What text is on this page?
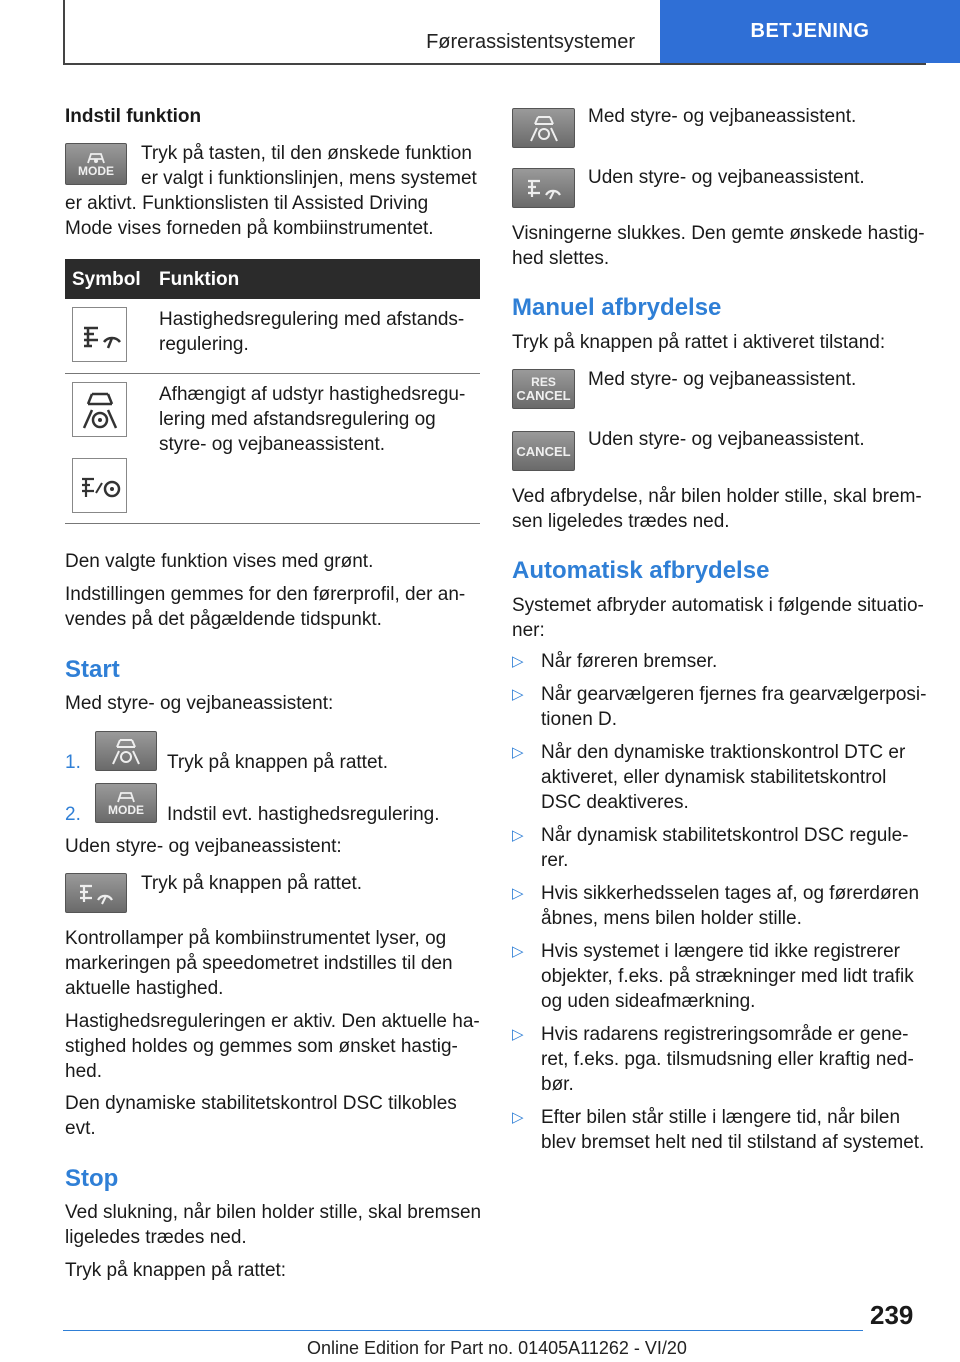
Førerassistentsystemer	BETJENING
Indstil funktion
MODE
Tryk på tasten, til den ønskede funktion
er valgt i funktionslinjen, mens systemet
er aktivt. Funktionslisten til Assisted Driving
Mode vises forneden på kombiinstrumentet.
Symbol Funktion
Hastighedsregulering med afstands-
regulering.
Afhængigt af udstyr hastighedsregu-
lering med afstandsregulering og
styre- og vejbaneassistent.
Den valgte funktion vises med grønt.
Indstillingen gemmes for den førerprofil, der an-
vendes på det pågældende tidspunkt.
Start
Med styre- og vejbaneassistent:
1.	Tryk på knappen på rattet.
2. MODE Indstil evt. hastighedsregulering.
Uden styre- og vejbaneassistent:
Tryk på knappen på rattet.
Kontrollamper på kombiinstrumentet lyser, og
markeringen på speedometret indstilles til den
aktuelle hastighed.
Hastighedsreguleringen er aktiv. Den aktuelle ha-
stighed holdes og gemmes som ønsket hastig-
hed.
Den dynamiske stabilitetskontrol DSC tilkobles
evt.
Stop
Ved slukning, når bilen holder stille, skal bremsen
ligeledes trædes ned.
Tryk på knappen på rattet:
Med styre- og vejbaneassistent.
Uden styre- og vejbaneassistent.
Visningerne slukkes. Den gemte ønskede hastig-
hed slettes.
Manuel afbrydelse
Tryk på knappen på rattet i aktiveret tilstand:
RES
CANCEL
Med styre- og vejbaneassistent.
CANCEL
Uden styre- og vejbaneassistent.
Ved afbrydelse, når bilen holder stille, skal brem-
sen ligeledes trædes ned.
Automatisk afbrydelse
Systemet afbryder automatisk i følgende situatio-
ner:
▷ Når føreren bremser.
▷ Når gearvælgeren fjernes fra gearvælgerposi-
tionen D.
▷ Når den dynamiske traktionskontrol DTC er
aktiveret, eller dynamisk stabilitetskontrol
DSC deaktiveres.
▷ Når dynamisk stabilitetskontrol DSC regule-
rer.
▷ Hvis sikkerhedsselen tages af, og førerdøren
åbnes, mens bilen holder stille.
▷ Hvis systemet i længere tid ikke registrerer
objekter, f.eks. på strækninger med lidt trafik
og uden sideafmærkning.
▷ Hvis radarens registreringsområde er gene-
ret, f.eks. pga. tilsmudsning eller kraftig ned-
bør.
▷ Efter bilen står stille i længere tid, når bilen
blev bremset helt ned til stilstand af systemet.
239
Online Edition for Part no. 01405A11262 - VI/20
